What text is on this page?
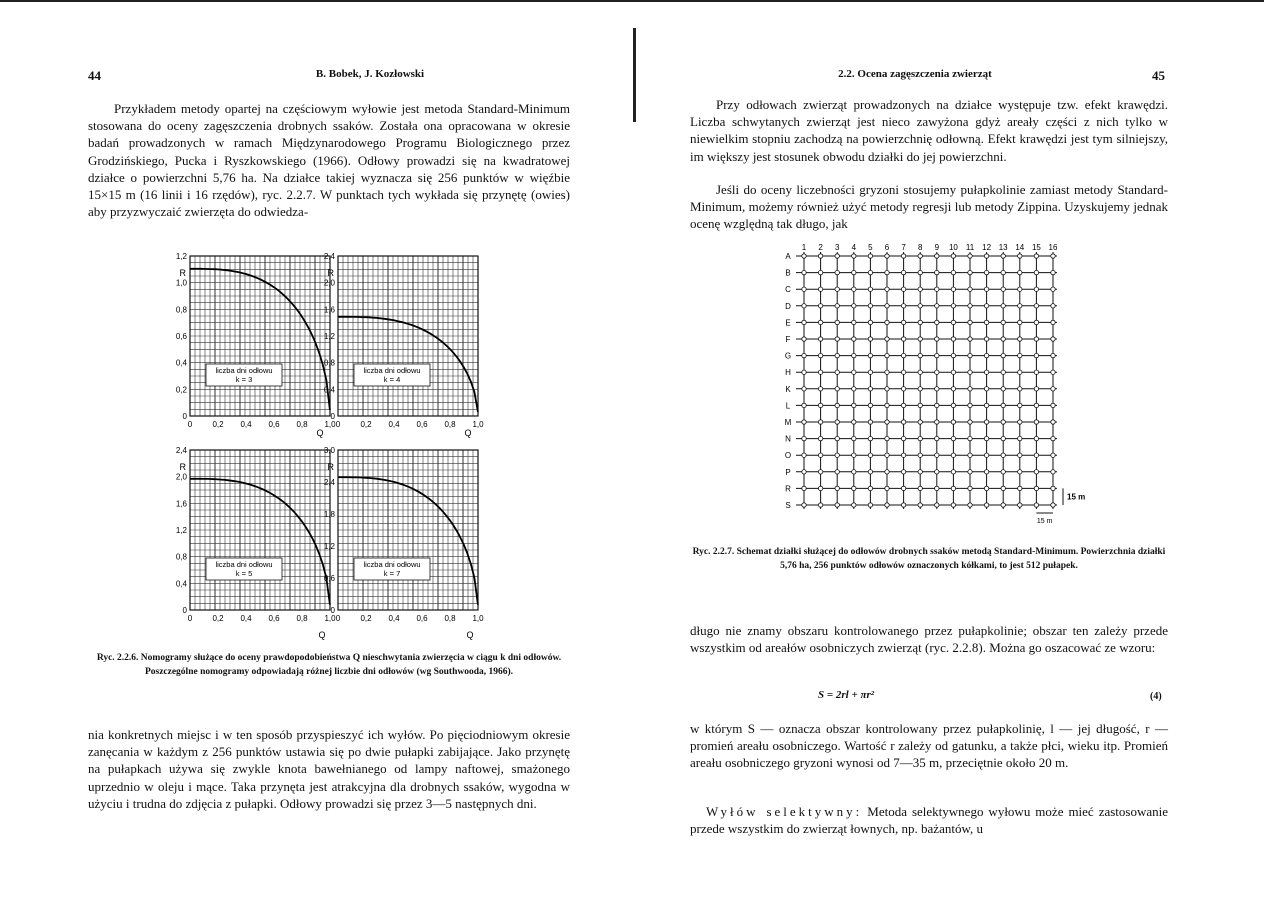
44	B. Bobek, J. Kozłowski

Przykładem metody opartej na częściowym wyłowie jest metoda Standard-Minimum stosowana do oceny zagęszczenia drobnych ssaków. Została ona opracowana w okresie badań prowadzonych w ramach Międzynarodowego Programu Biologicznego przez Grodzińskiego, Pucka i Ryszkowskiego (1966). Odłowy prowadzi się na kwadratowej działce o powierzchni 5,76 ha. Na działce takiej wyznacza się 256 punktów w więźbie 15×15 m (16 linii i 16 rzędów), ryc. 2.2.7. W punktach tych wykłada się przynętę (owies) aby przyzwyczaić zwierzęta do odwiedza-

0
0,2
0,4
0,6
0,8
1,0
1,2
R
0	0,2 0,4 0,6 0,8 1,0
Q
liczba dni odłowu
k = 3
0
0,4
0,8
1,2
1,6
2,0
2,4
R
0	0,2 0,4 0,6 0,8 1,0
Q
liczba dni odłowu
k = 4
0
0,4
0,8
1,2
1,6
2,0
2,4
R
0	0,2 0,4 0,6 0,8 1,0
Q
liczba dni odłowu
k = 5
0
0,6
1,2
1,8
2,4
3,0
R
0	0,2 0,4 0,6 0,8 1,0
Q
liczba dni odłowu
k = 7
Ryc. 2.2.6. Nomogramy służące do oceny prawdopodobieństwa Q nieschwytania zwierzęcia w ciągu k dni odłowów. Poszczególne nomogramy odpowiadają różnej liczbie dni odłowów (wg Southwooda, 1966).

nia konkretnych miejsc i w ten sposób przyspieszyć ich wyłów. Po pięciodniowym okresie zanęcania w każdym z 256 punktów ustawia się po dwie pułapki zabijające. Jako przynętę na pułapkach używa się zwykle knota bawełnianego od lampy naftowej, smażonego uprzednio w oleju i mące. Taka przynęta jest atrakcyjna dla drobnych ssaków, wygodna w użyciu i trudna do zdjęcia z pułapki. Odłowy prowadzi się przez 3—5 następnych dni.

2.2. Ocena zagęszczenia zwierząt	45

Przy odłowach zwierząt prowadzonych na działce występuje tzw. efekt krawędzi. Liczba schwytanych zwierząt jest nieco zawyżona gdyż areały części z nich tylko w niewielkim stopniu zachodzą na powierzchnię odłowną. Efekt krawędzi jest tym silniejszy, im większy jest stosunek obwodu działki do jej powierzchni.

Jeśli do oceny liczebności gryzoni stosujemy pułapkolinie zamiast metody Standard-Minimum, możemy również użyć metody regresji lub metody Zippina. Uzyskujemy jednak ocenę względną tak długo, jak

1 2 3 4 5 6 7 8 9 10 11 12 13 14 15 16
A
B
C
D
E
F
G
H
K
L
M
N
O
P
R
S
15 m
15 m
Ryc. 2.2.7. Schemat działki służącej do odłowów drobnych ssaków metodą Standard-Minimum. Powierzchnia działki 5,76 ha, 256 punktów odłowów oznaczonych kółkami, to jest 512 pułapek.

długo nie znamy obszaru kontrolowanego przez pułapkolinie; obszar ten zależy przede wszystkim od areałów osobniczych zwierząt (ryc. 2.2.8). Można go oszacować ze wzoru:

S = 2rl + πr²	(4)

w którym S — oznacza obszar kontrolowany przez pułapkolinię, l — jej długość, r — promień areału osobniczego. Wartość r zależy od gatunku, a także płci, wieku itp. Promień areału osobniczego gryzoni wynosi od 7—35 m, przeciętnie około 20 m.

Wyłów selektywny: Metoda selektywnego wyłowu może mieć zastosowanie przede wszystkim do zwierząt łownych, np. bażantów, u
